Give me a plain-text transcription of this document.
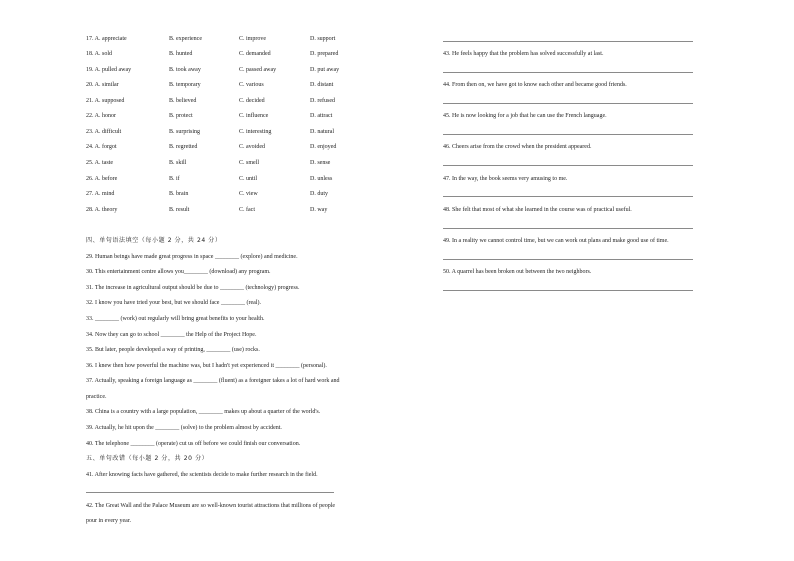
17. A. appreciate	B. experience	C. improve	D. support
18. A. sold	B. hunted	C. demanded	D. prepared
19. A. pulled away	B. took away	C. passed away	D. put away
20. A. similar	B. temporary	C. various	D. distant
21. A. supposed	B. believed	C. decided	D. refused
22. A. honor	B. protect	C. influence	D. attract
23. A. difficult	B. surprising	C. interesting	D. natural
24. A. forgot	B. regretted	C. avoided	D. enjoyed
25. A. taste	B. skill	C. smell	D. sense
26. A. before	B. if	C. until	D. unless
27. A. mind	B. brain	C. view	D. duty
28. A. theory	B. result	C. fact	D. way
四、单句语法填空（每小题 2 分，共 24 分）
29. Human beings have made great progress in space ________ (explore) and medicine.
30. This entertainment centre allows you________ (download) any program.
31. The increase in agricultural output should be due to ________ (technology) progress.
32. I know you have tried your best, but we should face ________ (real).
33. ________ (work) out regularly will bring great benefits to your health.
34. Now they can go to school ________ the Help of the Project Hope.
35. But later, people developed a way of printing, ________ (use) rocks.
36. I knew then how powerful the machine was, but I hadn't yet experienced it ________ (personal).
37. Actually, speaking a foreign language as ________ (fluent) as a foreigner takes a lot of hard work and
practice.
38. China is a country with a large population, ________ makes up about a quarter of the world's.
39. Actually, he hit upon the ________ (solve) to the problem almost by accident.
40. The telephone ________ (operate) cut us off before we could finish our conversation.
五、单句改错（每小题 2 分，共 20 分）
41. After knowing facts have gathered, the scientists decide to make further research in the field.
42. The Great Wall and the Palace Museum are so well-known tourist attractions that millions of people
pour in every year.
43. He feels happy that the problem has solved successfully at last.
44. From then on, we have got to know each other and became good friends.
45. He is now looking for a job that he can use the French language.
46. Cheers arise from the crowd when the president appeared.
47. In the way, the book seems very amusing to me.
48. She felt that most of what she learned in the course was of practical useful.
49. In a reality we cannot control time, but we can work out plans and make good use of time.
50. A quarrel has been broken out between the two neighbors.
